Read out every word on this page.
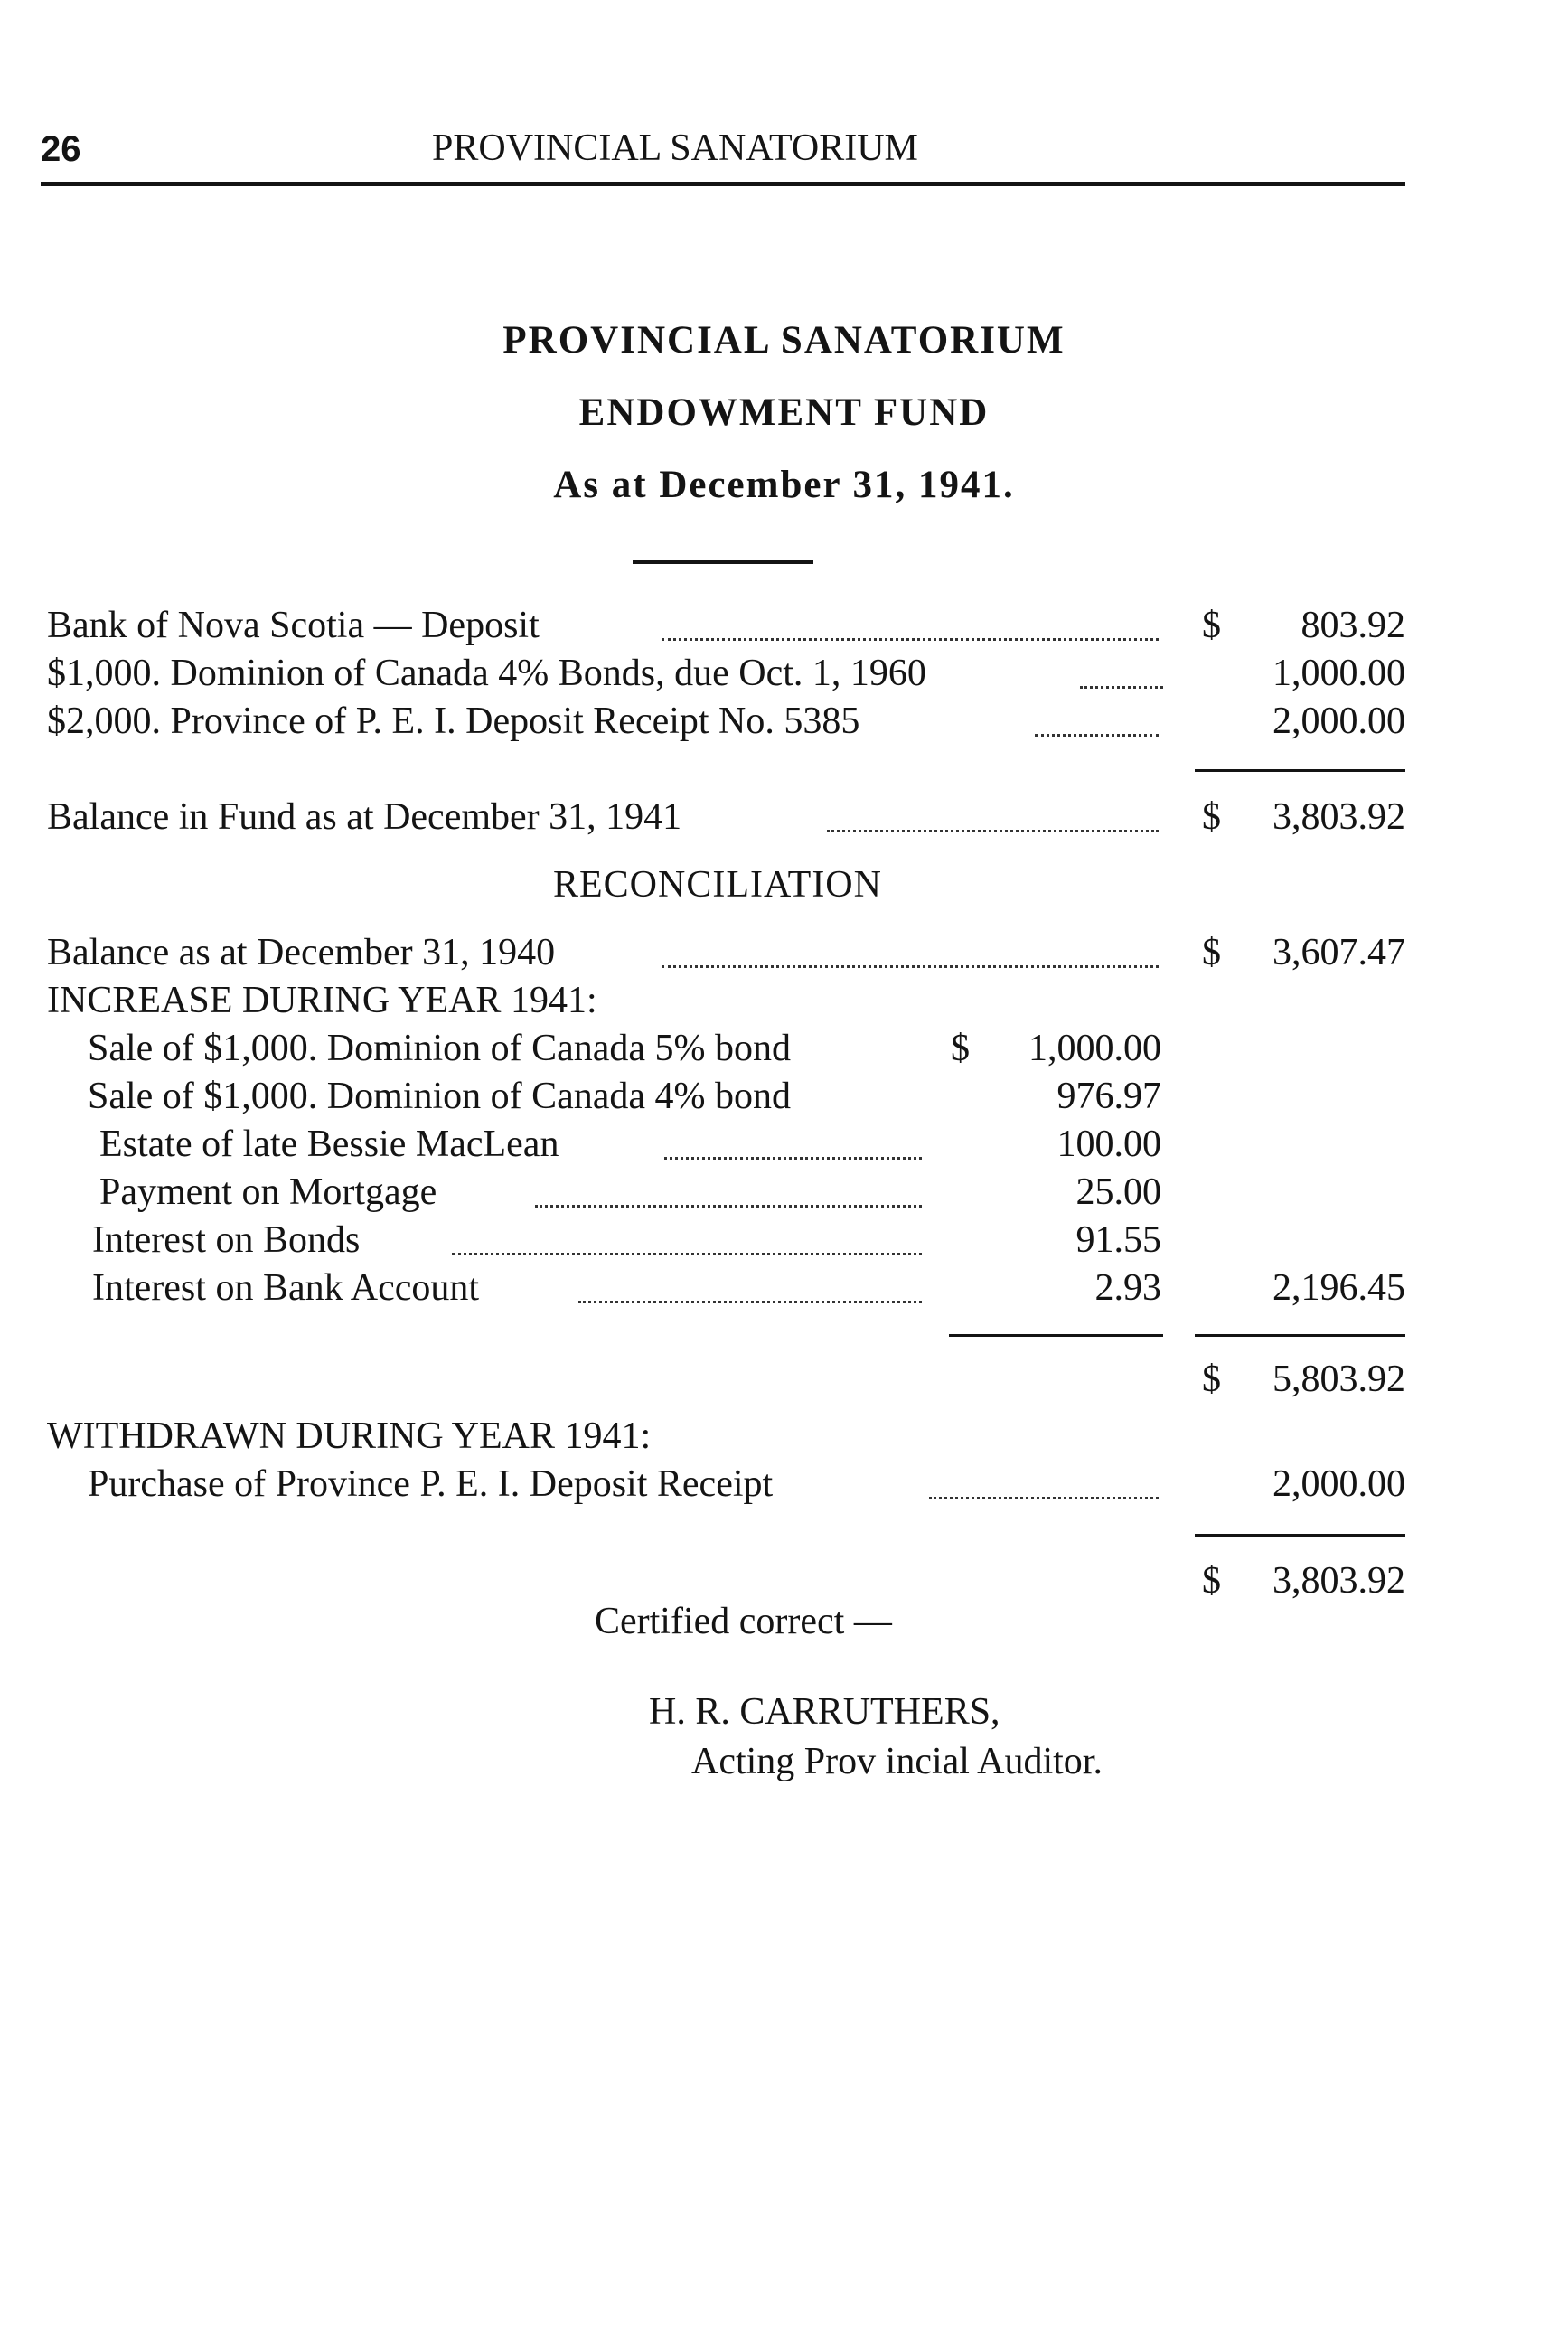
26	PROVINCIAL SANATORIUM
PROVINCIAL SANATORIUM
ENDOWMENT FUND
As at December 31, 1941.
Bank of Nova Scotia — Deposit	$	803.92
$1,000. Dominion of Canada 4% Bonds, due Oct. 1, 1960	1,000.00
$2,000. Province of P. E. I. Deposit Receipt No. 5385	2,000.00
Balance in Fund as at December 31, 1941	$	3,803.92
RECONCILIATION
Balance as at December 31, 1940	$	3,607.47
INCREASE DURING YEAR 1941:
Sale of $1,000. Dominion of Canada 5% bond	$	1,000.00
Sale of $1,000. Dominion of Canada 4% bond	976.97
Estate of late Bessie MacLean	100.00
Payment on Mortgage	25.00
Interest on Bonds	91.55
Interest on Bank Account	2.93	2,196.45
$	5,803.92
WITHDRAWN DURING YEAR 1941:
Purchase of Province P. E. I. Deposit Receipt	2,000.00
$	3,803.92
Certified correct —
H. R. CARRUTHERS,
Acting Prov incial Auditor.
